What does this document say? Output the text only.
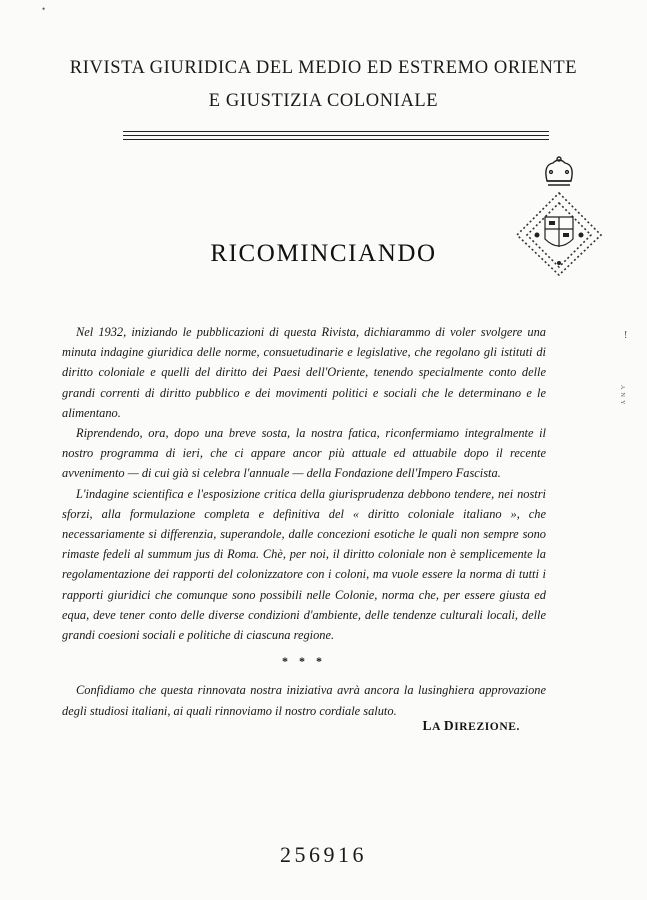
•
RIVISTA GIURIDICA DEL MEDIO ED ESTREMO ORIENTE
E GIUSTIZIA COLONIALE
RICOMINCIANDO

Nel 1932, iniziando le pubblicazioni di questa Rivista, dichiarammo di voler svolgere una minuta indagine giuridica delle norme, consuetudinarie e legislative, che regolano gli istituti di diritto coloniale e quelli del diritto dei Paesi dell'Oriente, tenendo specialmente conto delle grandi correnti di diritto pubblico e dei movimenti politici e sociali che le determinano e le alimentano.

Riprendendo, ora, dopo una breve sosta, la nostra fatica, riconfermiamo integralmente il nostro programma di ieri, che ci appare ancor più attuale ed attuabile dopo il recente avvenimento — di cui già si celebra l'annuale — della Fondazione dell'Impero Fascista.

L'indagine scientifica e l'esposizione critica della giurisprudenza debbono tendere, nei nostri sforzi, alla formulazione completa e definitiva del « diritto coloniale italiano », che necessariamente si differenzia, superandole, dalle concezioni esotiche le quali non sempre sono rimaste fedeli al summum jus di Roma. Chè, per noi, il diritto coloniale non è semplicemente la regolamentazione dei rapporti del colonizzatore con i coloni, ma vuole essere la norma di tutti i rapporti giuridici che comunque sono possibili nelle Colonie, norma che, per essere giusta ed equa, deve tener conto delle diverse condizioni d'ambiente, delle tendenze culturali locali, delle grandi coesioni sociali e politiche di ciascuna regione.

* * *

Confidiamo che questa rinnovata nostra iniziativa avrà ancora la lusinghiera approvazione degli studiosi italiani, ai quali rinnoviamo il nostro cordiale saluto.

LA DIREZIONE.
!
A N Y
256916
